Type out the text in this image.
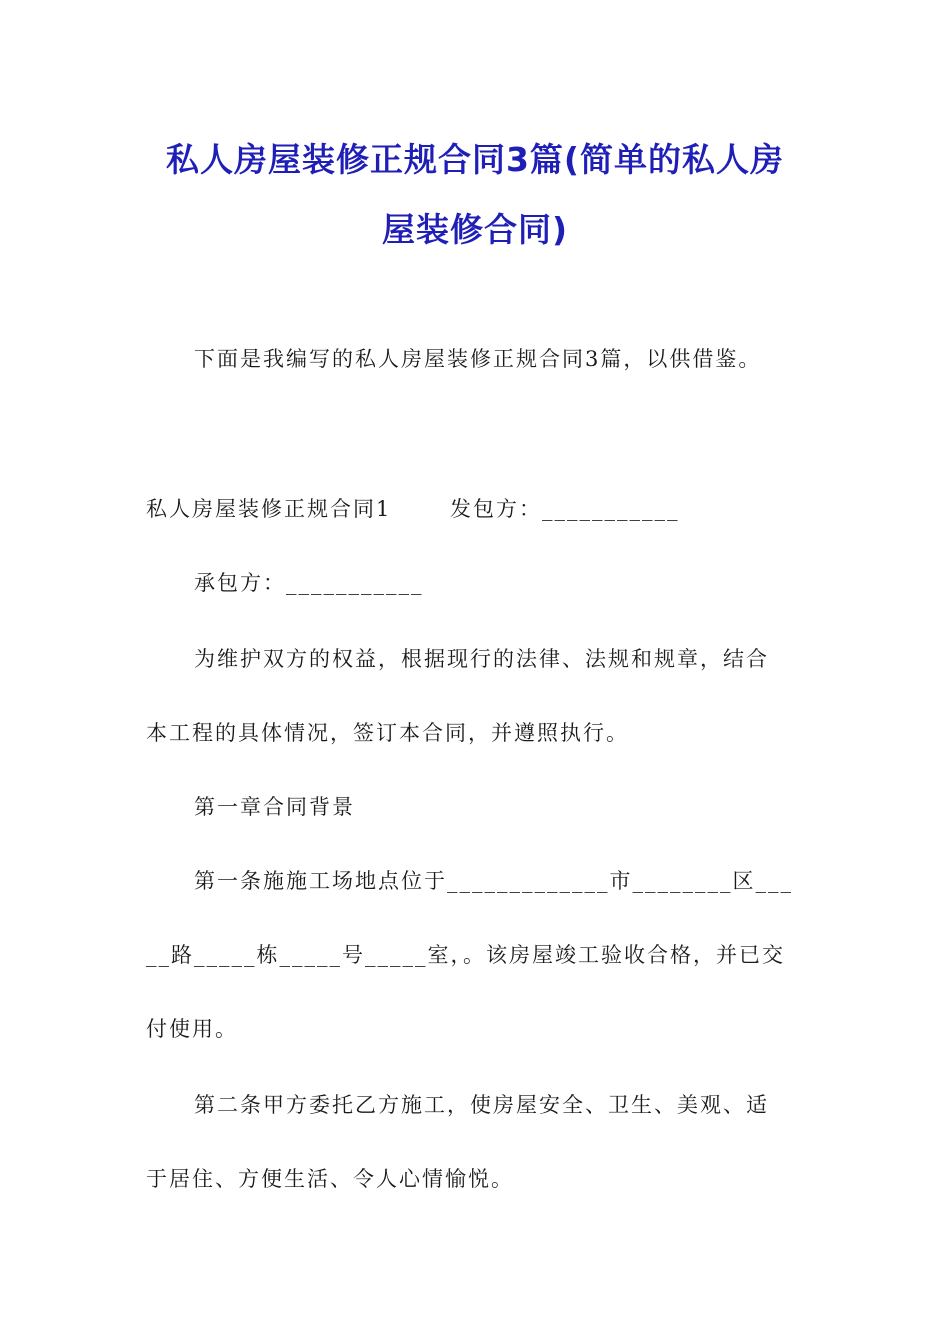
私人房屋装修正规合同3篇(简单的私人房
屋装修合同)
下面是我编写的私人房屋装修正规合同3篇，以供借鉴。
私人房屋装修正规合同1	发包方：___________
承包方：___________
为维护双方的权益，根据现行的法律、法规和规章，结合
本工程的具体情况，签订本合同，并遵照执行。
第一章合同背景
第一条施施工场地点位于_____________市________区___
__路_____栋_____号_____室，。该房屋竣工验收合格，并已交
付使用。
第二条甲方委托乙方施工，使房屋安全、卫生、美观、适
于居住、方便生活、令人心情愉悦。
